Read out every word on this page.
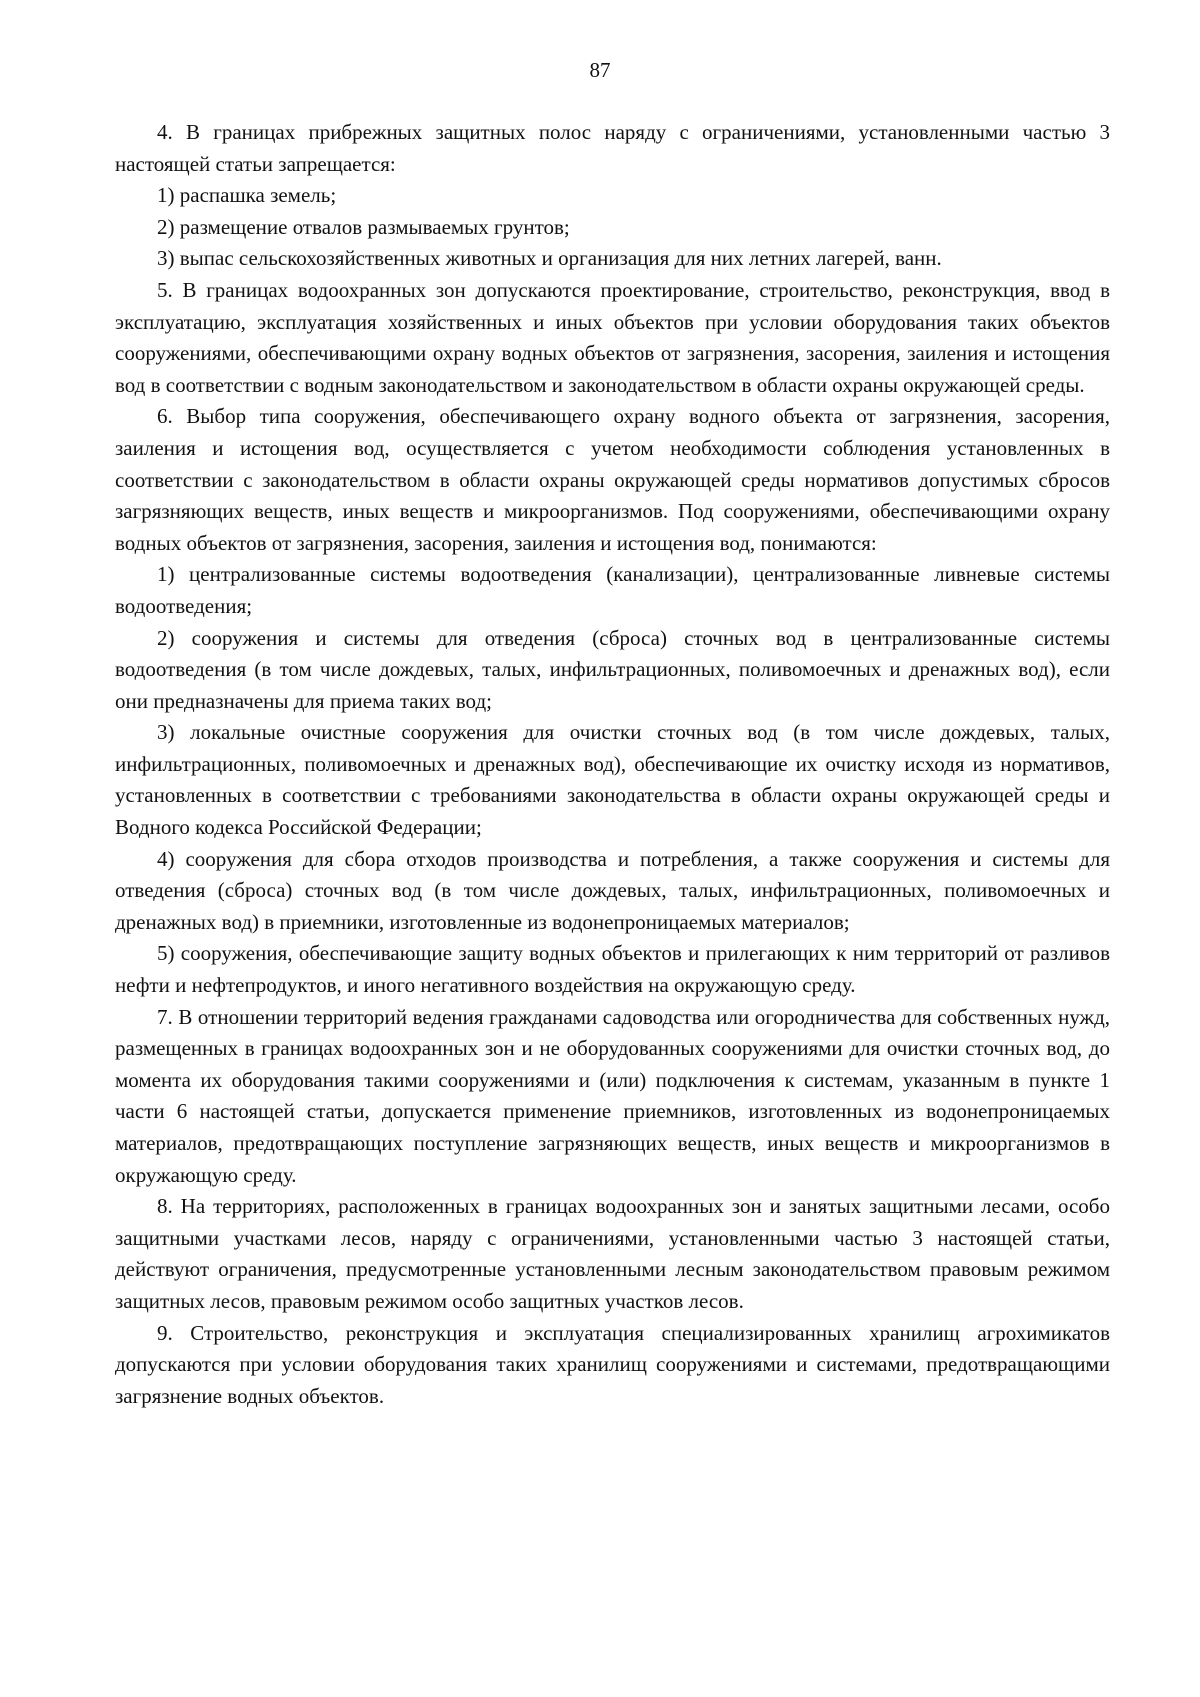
87

4. В границах прибрежных защитных полос наряду с ограничениями, установленными частью 3 настоящей статьи запрещается:

1) распашка земель;

2) размещение отвалов размываемых грунтов;

3) выпас сельскохозяйственных животных и организация для них летних лагерей, ванн.

5. В границах водоохранных зон допускаются проектирование, строительство, реконструкция, ввод в эксплуатацию, эксплуатация хозяйственных и иных объектов при условии оборудования таких объектов сооружениями, обеспечивающими охрану водных объектов от загрязнения, засорения, заиления и истощения вод в соответствии с водным законодательством и законодательством в области охраны окружающей среды.

6. Выбор типа сооружения, обеспечивающего охрану водного объекта от загрязнения, засорения, заиления и истощения вод, осуществляется с учетом необходимости соблюдения установленных в соответствии с законодательством в области охраны окружающей среды нормативов допустимых сбросов загрязняющих веществ, иных веществ и микроорганизмов. Под сооружениями, обеспечивающими охрану водных объектов от загрязнения, засорения, заиления и истощения вод, понимаются:

1) централизованные системы водоотведения (канализации), централизованные ливневые системы водоотведения;

2) сооружения и системы для отведения (сброса) сточных вод в централизованные системы водоотведения (в том числе дождевых, талых, инфильтрационных, поливомоечных и дренажных вод), если они предназначены для приема таких вод;

3) локальные очистные сооружения для очистки сточных вод (в том числе дождевых, талых, инфильтрационных, поливомоечных и дренажных вод), обеспечивающие их очистку исходя из нормативов, установленных в соответствии с требованиями законодательства в области охраны окружающей среды и Водного кодекса Российской Федерации;

4) сооружения для сбора отходов производства и потребления, а также сооружения и системы для отведения (сброса) сточных вод (в том числе дождевых, талых, инфильтрационных, поливомоечных и дренажных вод) в приемники, изготовленные из водонепроницаемых материалов;

5) сооружения, обеспечивающие защиту водных объектов и прилегающих к ним территорий от разливов нефти и нефтепродуктов, и иного негативного воздействия на окружающую среду.

7. В отношении территорий ведения гражданами садоводства или огородничества для собственных нужд, размещенных в границах водоохранных зон и не оборудованных сооружениями для очистки сточных вод, до момента их оборудования такими сооружениями и (или) подключения к системам, указанным в пункте 1 части 6 настоящей статьи, допускается применение приемников, изготовленных из водонепроницаемых материалов, предотвращающих поступление загрязняющих веществ, иных веществ и микроорганизмов в окружающую среду.

8. На территориях, расположенных в границах водоохранных зон и занятых защитными лесами, особо защитными участками лесов, наряду с ограничениями, установленными частью 3 настоящей статьи, действуют ограничения, предусмотренные установленными лесным законодательством правовым режимом защитных лесов, правовым режимом особо защитных участков лесов.

9. Строительство, реконструкция и эксплуатация специализированных хранилищ агрохимикатов допускаются при условии оборудования таких хранилищ сооружениями и системами, предотвращающими загрязнение водных объектов.
